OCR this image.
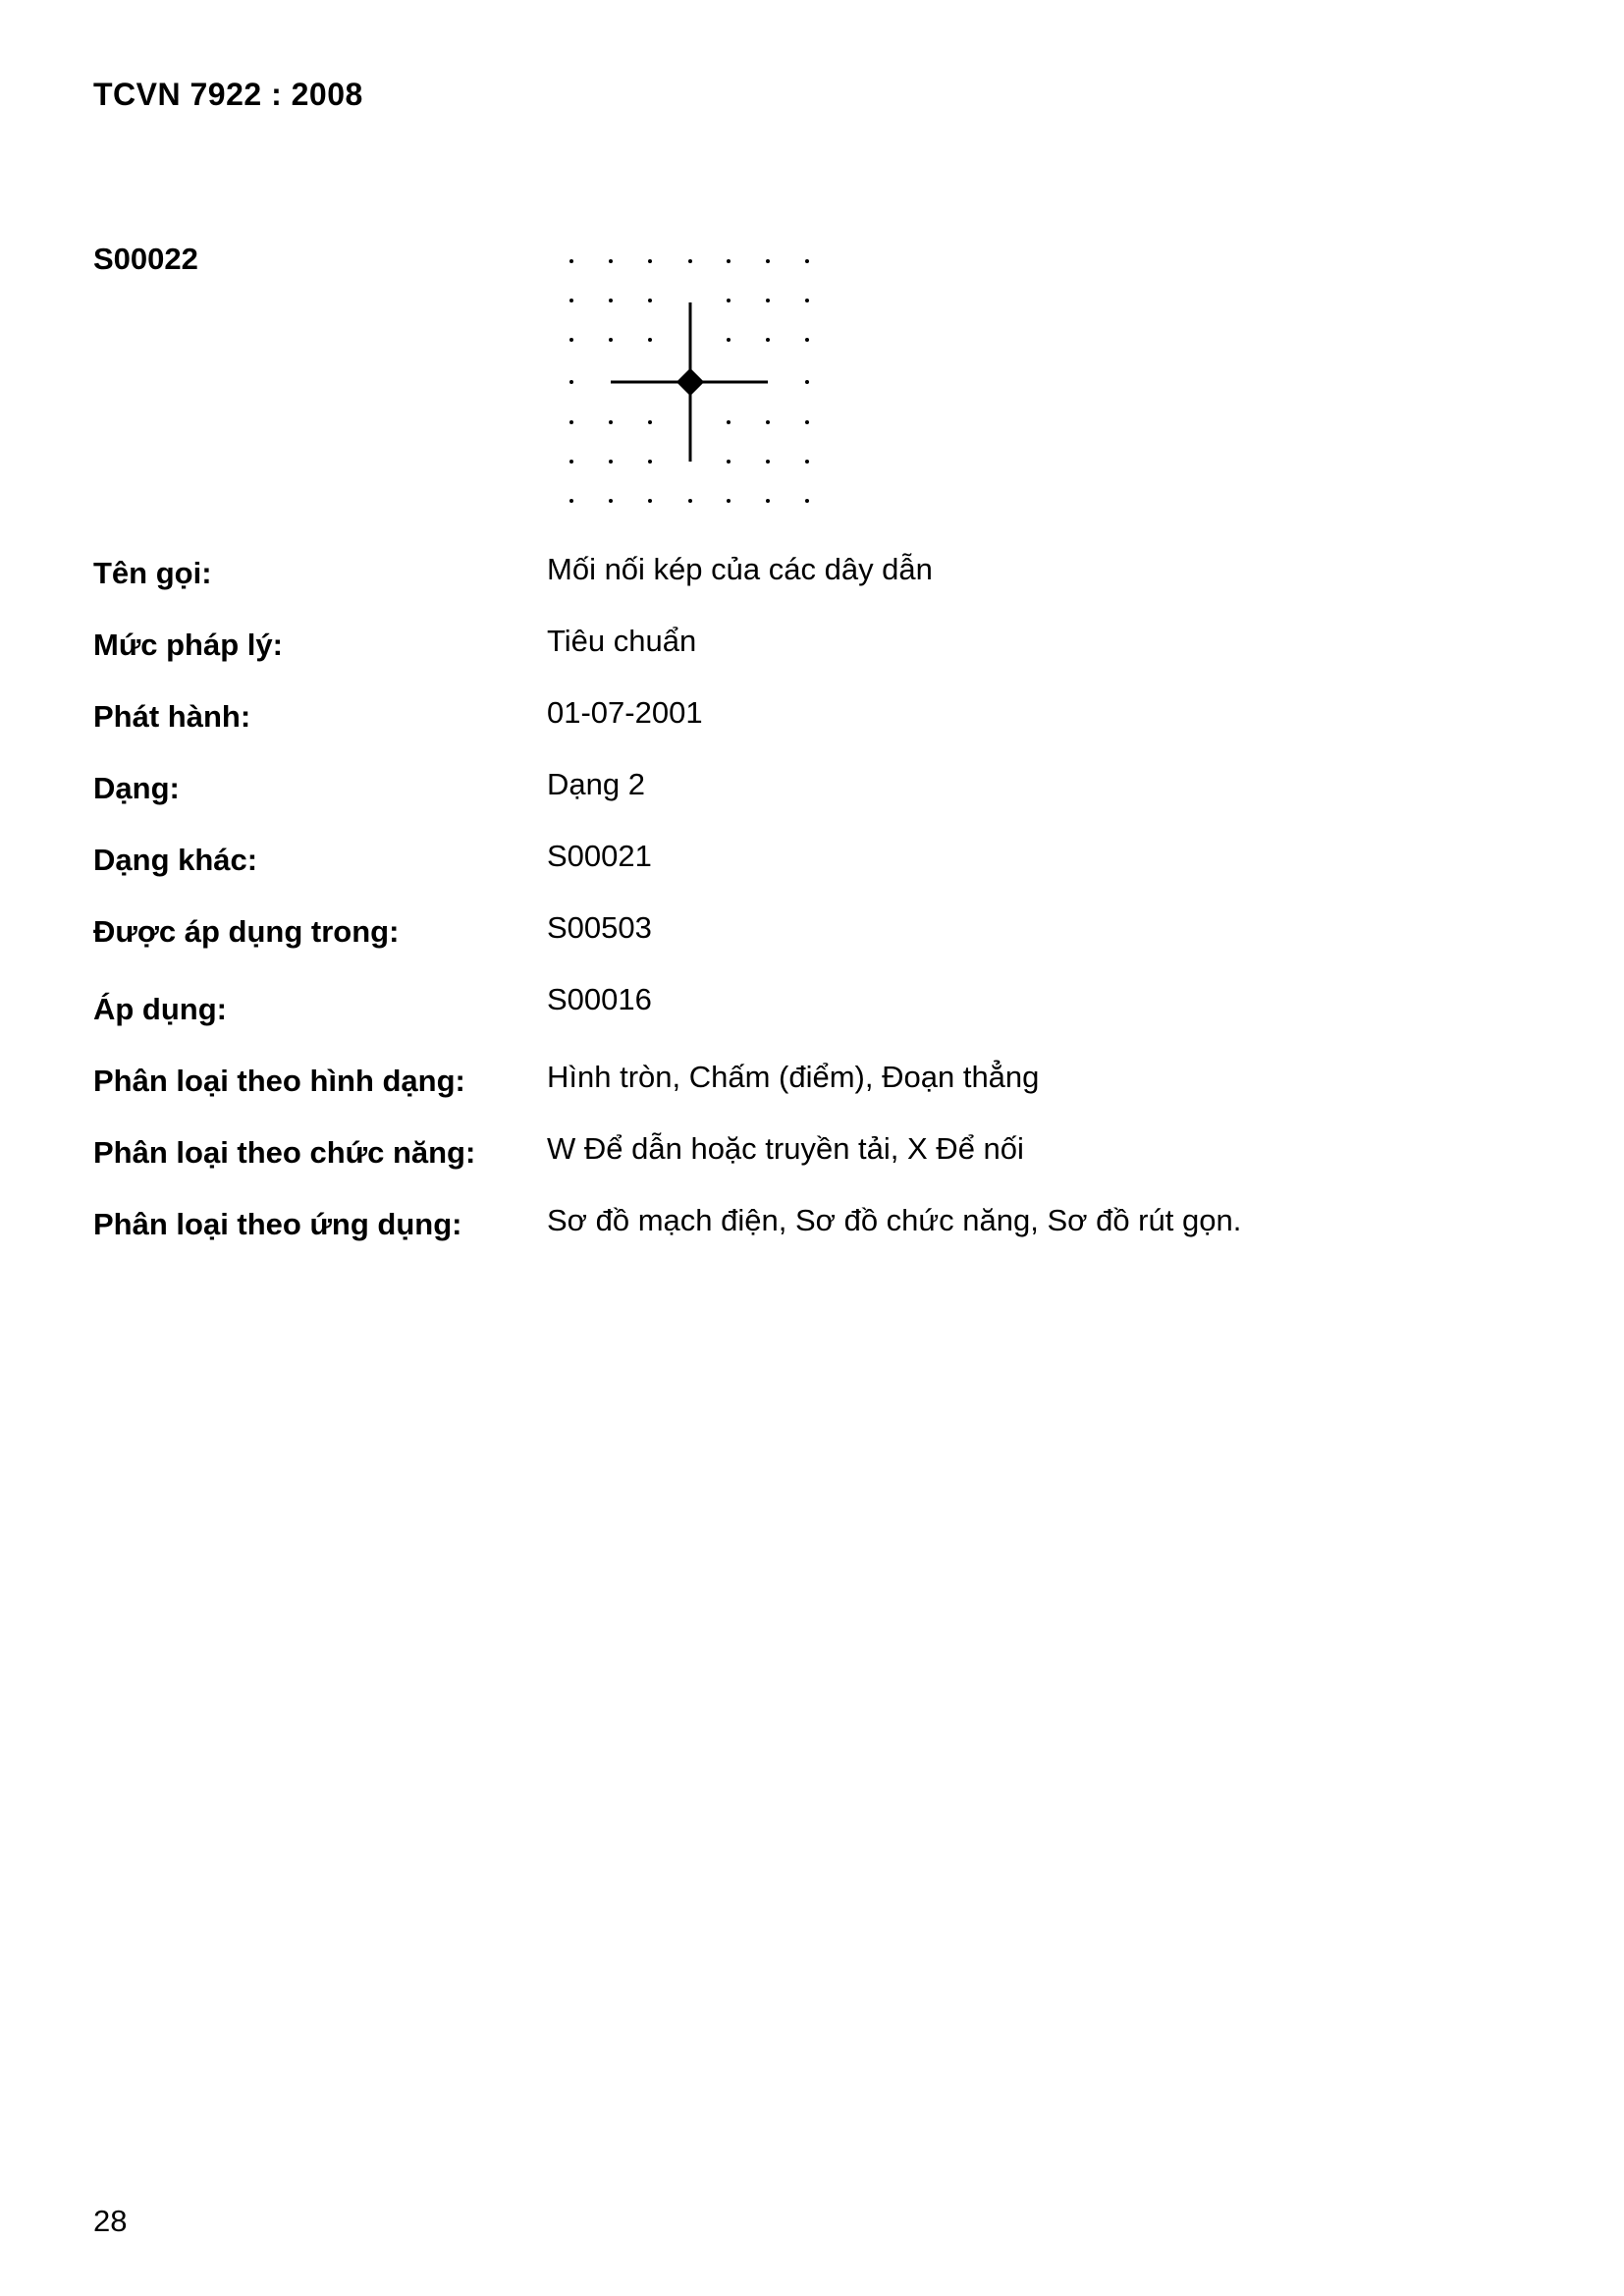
TCVN 7922 : 2008
S00022
Tên gọi:	Mối nối kép của các dây dẫn
Mức pháp lý:	Tiêu chuẩn
Phát hành:	01-07-2001
Dạng:	Dạng 2
Dạng khác:	S00021
Được áp dụng trong:	S00503
Áp dụng:	S00016
Phân loại theo hình dạng:	Hình tròn, Chấm (điểm), Đoạn thẳng
Phân loại theo chức năng: W Để dẫn hoặc truyền tải, X Để nối
Phân loại theo ứng dụng:	Sơ đồ mạch điện, Sơ đồ chức năng, Sơ đồ rút gọn.
28
